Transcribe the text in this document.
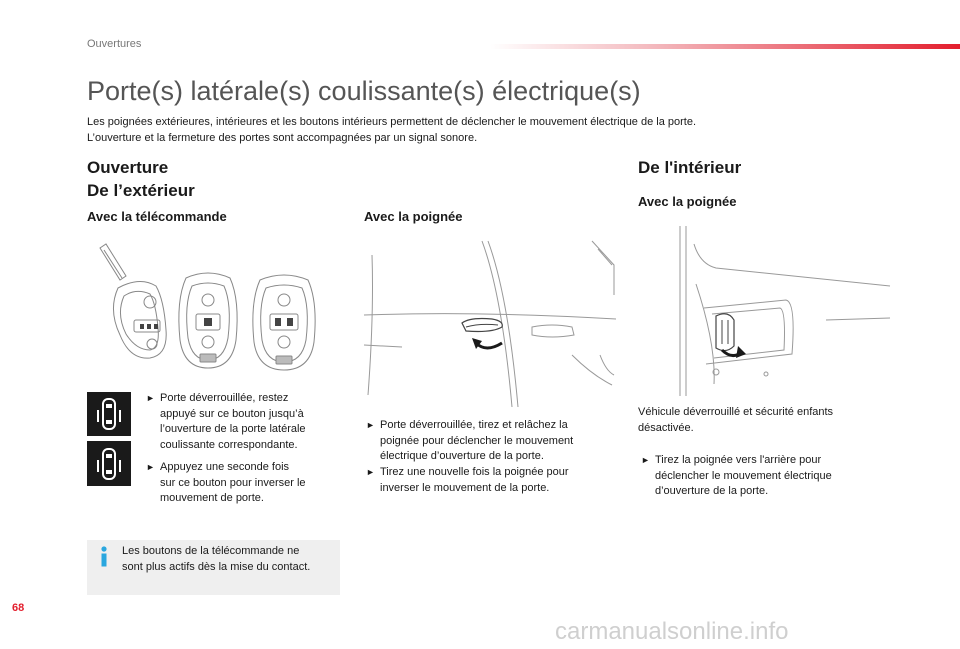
Ouvertures
Porte(s) latérale(s) coulissante(s) électrique(s)
Les poignées extérieures, intérieures et les boutons intérieurs permettent de déclencher le mouvement électrique de la porte.
L’ouverture et la fermeture des portes sont accompagnées par un signal sonore.
Ouverture
De l’extérieur
Avec la télécommande
► Porte déverrouillée, restez
appuyé sur ce bouton jusqu’à
l’ouverture de la porte latérale
coulissante correspondante.
► Appuyez une seconde fois
sur ce bouton pour inverser le
mouvement de porte.
Les boutons de la télécommande ne
sont plus actifs dès la mise du contact.
Avec la poignée
► Porte déverrouillée, tirez et relâchez la
poignée pour déclencher le mouvement
électrique d’ouverture de la porte.
► Tirez une nouvelle fois la poignée pour
inverser le mouvement de la porte.
De l'intérieur
Avec la poignée
Véhicule déverrouillé et sécurité enfants
désactivée.
► Tirez la poignée vers l'arrière pour
déclencher le mouvement électrique
d’ouverture de la porte.
68
carmanualsonline.info
